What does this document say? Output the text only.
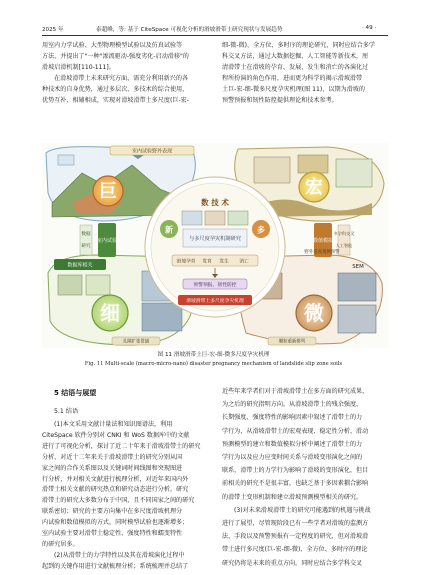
2025 年	泰超峰，等: 基于 CiteSpace 可视化分析的滑坡滑带土研究现状与发展趋势	· 49 ·
用室内力学试验、大型物理模型试验以及仿真试验等
方法，并提出了"一种"渗流驱动-强度劣化-启动滑移"的
滑坡启滑机制[110-111]。
在滑坡滑带土未来研究方面，需充分利用新兴的各
种技术的自身优势，通过多层次、多技术的综合使用，
优势互补、相辅相成，实现对滑坡滑带土多尺度(巨-宏-
细-微-微)、全方位、多时序的理论研究，同时应结合多学
科交叉方法，通过大数据挖掘、人工智能等新技术，厘
清滑带土在滑坡的孕育、发展、发生和消亡的各演化过
程所扮演的角色作用，进而更为科学的揭示滑坡滑带
土巨-宏-细-微多尺度孕灾机理(图 11)，以期为滑坡的
预警预报和韧性防控提供理论和技术参考。
巨
室内试验野外表现
宏
数据库相关
细
孔隙扩张贯通
SEM
微
颗粒重新排列
数据
研究
室内试验
多学科交叉
人工智能
数值模拟
数 技 术
新	多
与多尺度孕灾机制研究
滑坡孕育 发育 发生 消亡
预警预报、韧性防控
滑坡滑带土多尺度孕灾机理
野外巡查观测预警
图 11 滑坡滑带土巨-宏-细-微多尺度孕灾机理
Fig. 11 Multi-scale (macro-micro-nano) disaster pregnancy mechanism of landslide slip zone soils
5 结语与展望
5.1 结语
(1)本文采用文献计量法和知识图谱法，利用
CiteSpace 软件分别对 CNKI 和 WoS 数据库中的文献
进行了可视化分析，探讨了近二十年来于滑坡滑带土的研究
分析，对近十二年来关于滑坡滑带土的研究分别从国
家之间的合作关系图以及关键词时间线图和突现图进
行分析，并对相关文献进行梳理分析，对近年来国内外
滑带土相关文献的研究热点和研究动态进行分析，研究
滑带土的研究大多数分布于中国，且不同国家之间的研究
联系密切；研究的主要方向集中在多尺度滑坡机理分
内试验和数值模拟的方式，同时模型试验也逐渐增多；
室内试验主要对滑带土稳定性、强度特性和蠕变特性
的研究居多。
(2)从滑带土的力学特性以及其在滑坡演化过程中
起到的关键作用进行文献梳理分析；系统梳理并总结了
近些年来学者们对于滑坡滑带土在多方面的研究成果，
为之后的研究指明方向。从滑坡滑带土的残余强度、
长期强度、强度特性的影响因素中叙述了滑带土的力
学行为，从滑坡滑带土的宏观表现、稳定性分析、滑动
预测模型的建立和数值模拟分析中阐述了滑带土的力
学行为以及应力应变时间关系与滑坡变形演化之间的
联系，滑带土的力学行为影响了滑坡的变形演化，但目
前相关的研究不是很丰富，也缺乏基于多因素耦合影响
的滑带土变形机制和建立滑坡预测模型相关的研究。
(3)对未来滑坡滑带土的研究可能遇到的机遇与挑战
进行了展望，尽管现阶段已有一些学者对滑坡的监测方
法、手段以及预警预报有一定程度的研究，但对滑坡滑
带土进行多尺度(巨-宏-细-微)、全方位、多时序的理论
研究仍将是未来的重点方向。同时应结合多学科交叉
